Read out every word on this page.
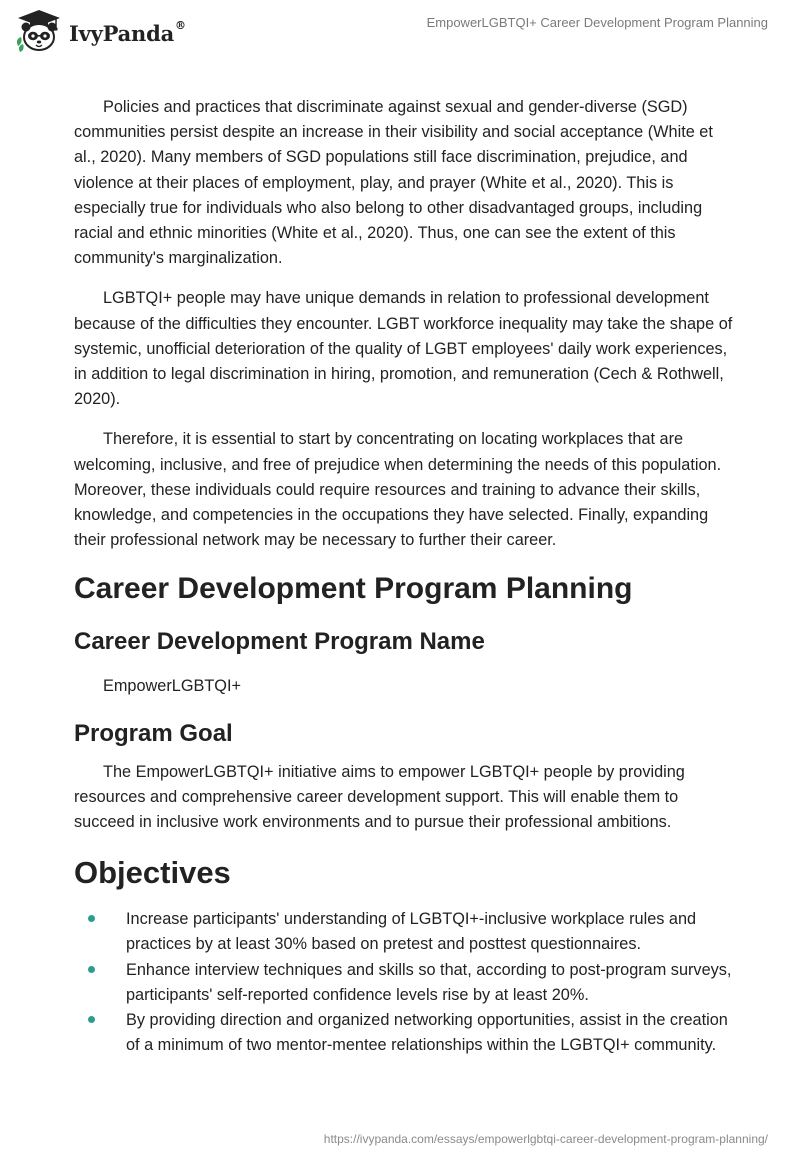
IvyPanda®	EmpowerLGBTQI+ Career Development Program Planning

Policies and practices that discriminate against sexual and gender-diverse (SGD) communities persist despite an increase in their visibility and social acceptance (White et al., 2020). Many members of SGD populations still face discrimination, prejudice, and violence at their places of employment, play, and prayer (White et al., 2020). This is especially true for individuals who also belong to other disadvantaged groups, including racial and ethnic minorities (White et al., 2020). Thus, one can see the extent of this community's marginalization.

LGBTQI+ people may have unique demands in relation to professional development because of the difficulties they encounter. LGBT workforce inequality may take the shape of systemic, unofficial deterioration of the quality of LGBT employees' daily work experiences, in addition to legal discrimination in hiring, promotion, and remuneration (Cech & Rothwell, 2020).

Therefore, it is essential to start by concentrating on locating workplaces that are welcoming, inclusive, and free of prejudice when determining the needs of this population. Moreover, these individuals could require resources and training to advance their skills, knowledge, and competencies in the occupations they have selected. Finally, expanding their professional network may be necessary to further their career.

Career Development Program Planning
Career Development Program Name

EmpowerLGBTQI+

Program Goal

The EmpowerLGBTQI+ initiative aims to empower LGBTQI+ people by providing resources and comprehensive career development support. This will enable them to succeed in inclusive work environments and to pursue their professional ambitions.

Objectives
Increase participants' understanding of LGBTQI+-inclusive workplace rules and practices by at least 30% based on pretest and posttest questionnaires.
Enhance interview techniques and skills so that, according to post-program surveys, participants' self-reported confidence levels rise by at least 20%.
By providing direction and organized networking opportunities, assist in the creation of a minimum of two mentor-mentee relationships within the LGBTQI+ community.
https://ivypanda.com/essays/empowerlgbtqi-career-development-program-planning/
